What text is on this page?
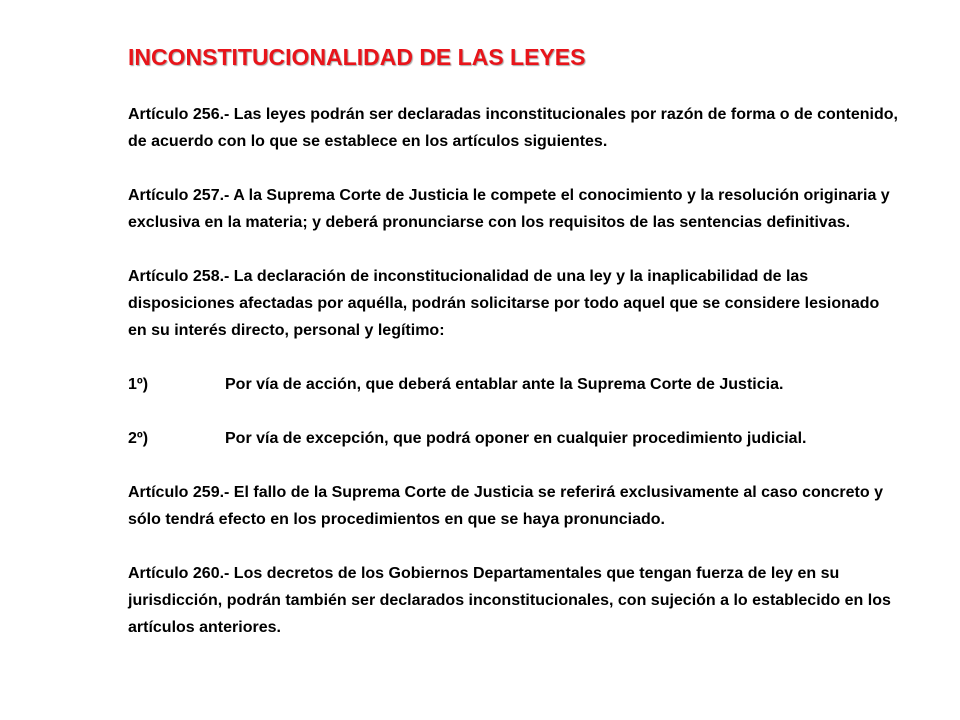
INCONSTITUCIONALIDAD DE LAS LEYES

Artículo 256.- Las leyes podrán ser declaradas inconstitucionales por razón de forma o de contenido, de acuerdo con lo que se establece en los artículos siguientes.

Artículo 257.- A la Suprema Corte de Justicia le compete el conocimiento y la resolución originaria y exclusiva en la materia; y deberá pronunciarse con los requisitos de las sentencias definitivas.

Artículo 258.- La declaración de inconstitucionalidad de una ley y la inaplicabilidad de las disposiciones afectadas por aquélla, podrán solicitarse por todo aquel que se considere lesionado en su interés directo, personal y legítimo:

1º)	Por vía de acción, que deberá entablar ante la Suprema Corte de Justicia.

2º)	Por vía de excepción, que podrá oponer en cualquier procedimiento judicial.

Artículo 259.- El fallo de la Suprema Corte de Justicia se referirá exclusivamente al caso concreto y sólo tendrá efecto en los procedimientos en que se haya pronunciado.

Artículo 260.- Los decretos de los Gobiernos Departamentales que tengan fuerza de ley en su jurisdicción, podrán también ser declarados inconstitucionales, con sujeción a lo establecido en los artículos anteriores.
